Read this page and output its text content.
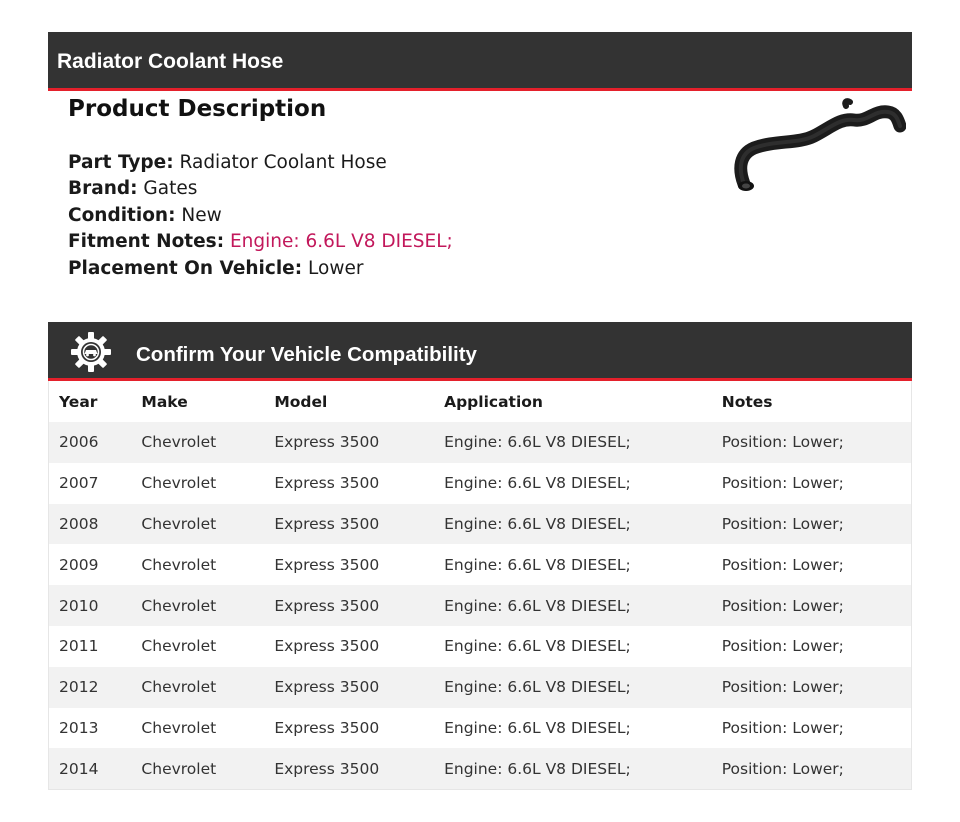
Radiator Coolant Hose
Product Description
Part Type: Radiator Coolant Hose
Brand: Gates
Condition: New
Fitment Notes: Engine: 6.6L V8 DIESEL;
Placement On Vehicle: Lower
Confirm Your Vehicle Compatibility
Year	Make	Model	Application	Notes
2006	Chevrolet	Express 3500	Engine: 6.6L V8 DIESEL;	Position: Lower;
2007	Chevrolet	Express 3500	Engine: 6.6L V8 DIESEL;	Position: Lower;
2008	Chevrolet	Express 3500	Engine: 6.6L V8 DIESEL;	Position: Lower;
2009	Chevrolet	Express 3500	Engine: 6.6L V8 DIESEL;	Position: Lower;
2010	Chevrolet	Express 3500	Engine: 6.6L V8 DIESEL;	Position: Lower;
2011	Chevrolet	Express 3500	Engine: 6.6L V8 DIESEL;	Position: Lower;
2012	Chevrolet	Express 3500	Engine: 6.6L V8 DIESEL;	Position: Lower;
2013	Chevrolet	Express 3500	Engine: 6.6L V8 DIESEL;	Position: Lower;
2014	Chevrolet	Express 3500	Engine: 6.6L V8 DIESEL;	Position: Lower;
